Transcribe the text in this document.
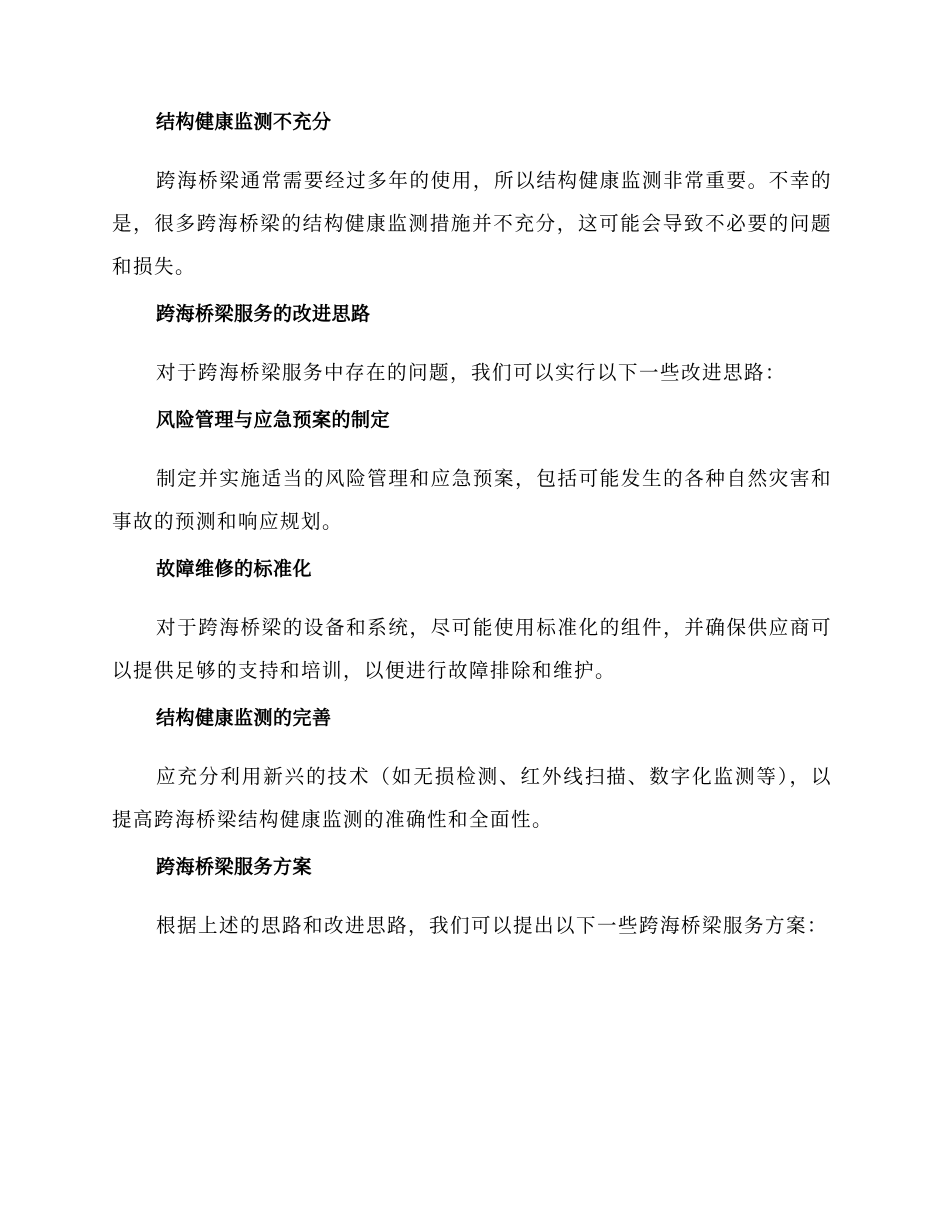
结构健康监测不充分

跨海桥梁通常需要经过多年的使用，所以结构健康监测非常重要。不幸的是，很多跨海桥梁的结构健康监测措施并不充分，这可能会导致不必要的问题和损失。

跨海桥梁服务的改进思路

对于跨海桥梁服务中存在的问题，我们可以实行以下一些改进思路：

风险管理与应急预案的制定

制定并实施适当的风险管理和应急预案，包括可能发生的各种自然灾害和事故的预测和响应规划。

故障维修的标准化

对于跨海桥梁的设备和系统，尽可能使用标准化的组件，并确保供应商可以提供足够的支持和培训，以便进行故障排除和维护。

结构健康监测的完善

应充分利用新兴的技术（如无损检测、红外线扫描、数字化监测等），以提高跨海桥梁结构健康监测的准确性和全面性。

跨海桥梁服务方案

根据上述的思路和改进思路，我们可以提出以下一些跨海桥梁服务方案：
